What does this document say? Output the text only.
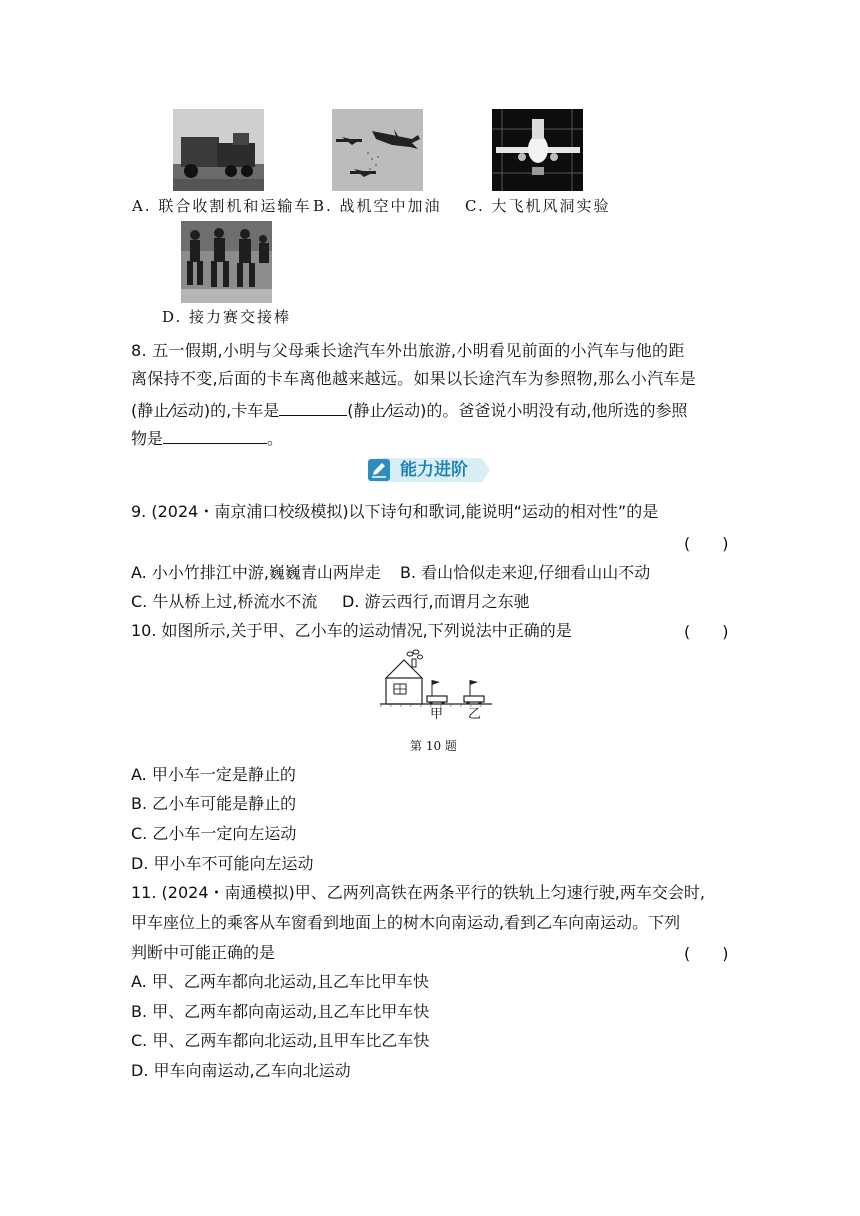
A. 联合收割机和运输车 B. 战机空中加油 C. 大飞机风洞实验
D. 接力赛交接棒
8. 五一假期,小明与父母乘长途汽车外出旅游,小明看见前面的小汽车与他的距
离保持不变,后面的卡车离他越来越远。如果以长途汽车为参照物,那么小汽车是
(静止⁄运动)的,卡车是	(静止⁄运动)的。爸爸说小明没有动,他所选的参照
物是	。
能力进阶
9. (2024・南京浦口校级模拟)以下诗句和歌词,能说明“运动的相对性”的是
(　　)
A. 小小竹排江中游,巍巍青山两岸走 B. 看山恰似走来迎,仔细看山山不动
C. 牛从桥上过,桥流水不流 D. 游云西行,而谓月之东驰
10. 如图所示,关于甲、乙小车的运动情况,下列说法中正确的是	(　　)
甲 乙
第 10 题
A. 甲小车一定是静止的
B. 乙小车可能是静止的
C. 乙小车一定向左运动
D. 甲小车不可能向左运动
11. (2024・南通模拟)甲、乙两列高铁在两条平行的铁轨上匀速行驶,两车交会时,
甲车座位上的乘客从车窗看到地面上的树木向南运动,看到乙车向南运动。下列
判断中可能正确的是	(　　)
A. 甲、乙两车都向北运动,且乙车比甲车快
B. 甲、乙两车都向南运动,且乙车比甲车快
C. 甲、乙两车都向北运动,且甲车比乙车快
D. 甲车向南运动,乙车向北运动
